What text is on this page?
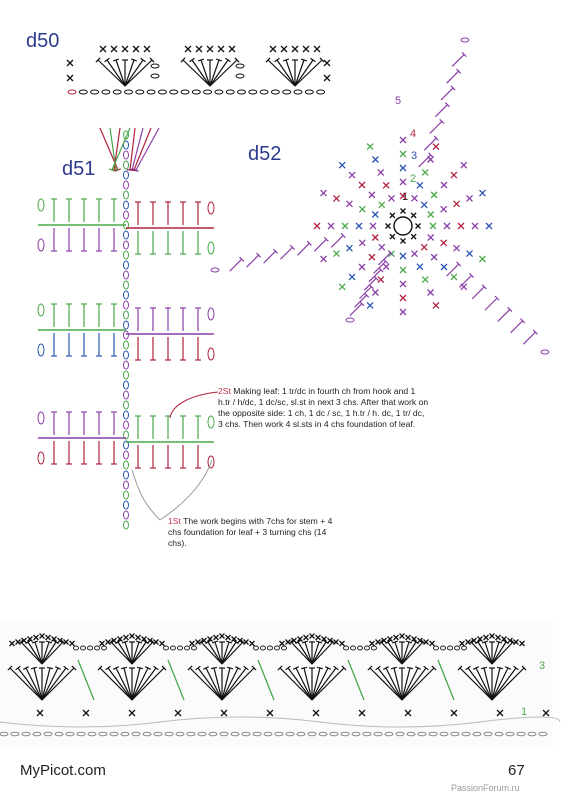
d50
d51
d52
1
2
3
4
5
2St Making leaf: 1 tr/dc in fourth ch from hook and 1 h.tr / h/dc, 1 dc/sc, sl.st in next 3 chs. After that work on the opposite side: 1 ch, 1 dc / sc, 1 h.tr / h. dc, 1 tr/ dc, 3 chs. Then work 4 sl.sts in 4 chs foundation of leaf.
1St The work begins with 7chs for stem + 4 chs foundation for leaf + 3 turning chs (14 chs).
3
1
MyPicot.com	67
PassionForum.ru
